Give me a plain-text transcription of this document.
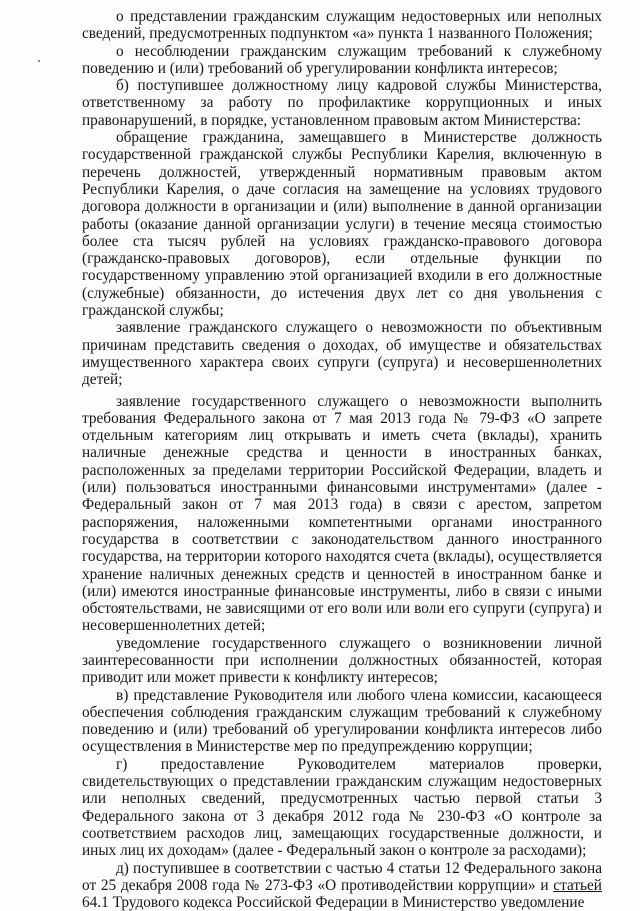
о представлении гражданским служащим недостоверных или неполных сведений, предусмотренных подпунктом «а» пункта 1 названного Положения;

о несоблюдении гражданским служащим требований к служебному поведению и (или) требований об урегулировании конфликта интересов;

б) поступившее должностному лицу кадровой службы Министерства, ответственному за работу по профилактике коррупционных и иных правонарушений, в порядке, установленном правовым актом Министерства:

обращение гражданина, замещавшего в Министерстве должность государственной гражданской службы Республики Карелия, включенную в перечень должностей, утвержденный нормативным правовым актом Республики Карелия, о даче согласия на замещение на условиях трудового договора должности в организации и (или) выполнение в данной организации работы (оказание данной организации услуги) в течение месяца стоимостью более ста тысяч рублей на условиях гражданско-правового договора (гражданско-правовых договоров), если отдельные функции по государственному управлению этой организацией входили в его должностные (служебные) обязанности, до истечения двух лет со дня увольнения с гражданской службы;

заявление гражданского служащего о невозможности по объективным причинам представить сведения о доходах, об имуществе и обязательствах имущественного характера своих супруги (супруга) и несовершеннолетних детей;

заявление государственного служащего о невозможности выполнить требования Федерального закона от 7 мая 2013 года № 79-ФЗ «О запрете отдельным категориям лиц открывать и иметь счета (вклады), хранить наличные денежные средства и ценности в иностранных банках, расположенных за пределами территории Российской Федерации, владеть и (или) пользоваться иностранными финансовыми инструментами» (далее - Федеральный закон от 7 мая 2013 года) в связи с арестом, запретом распоряжения, наложенными компетентными органами иностранного государства в соответствии с законодательством данного иностранного государства, на территории которого находятся счета (вклады), осуществляется хранение наличных денежных средств и ценностей в иностранном банке и (или) имеются иностранные финансовые инструменты, либо в связи с иными обстоятельствами, не зависящими от его воли или воли его супруги (супруга) и несовершеннолетних детей;

уведомление государственного служащего о возникновении личной заинтересованности при исполнении должностных обязанностей, которая приводит или может привести к конфликту интересов;

в) представление Руководителя или любого члена комиссии, касающееся обеспечения соблюдения гражданским служащим требований к служебному поведению и (или) требований об урегулировании конфликта интересов либо осуществления в Министерстве мер по предупреждению коррупции;

г) предоставление Руководителем материалов проверки, свидетельствующих о представлении гражданским служащим недостоверных или неполных сведений, предусмотренных частью первой статьи 3 Федерального закона от 3 декабря 2012 года № 230-ФЗ «О контроле за соответствием расходов лиц, замещающих государственные должности, и иных лиц их доходам» (далее - Федеральный закон о контроле за расходами);

д) поступившее в соответствии с частью 4 статьи 12 Федерального закона от 25 декабря 2008 года № 273-ФЗ «О противодействии коррупции» и статьей 64.1 Трудового кодекса Российской Федерации в Министерство уведомление
